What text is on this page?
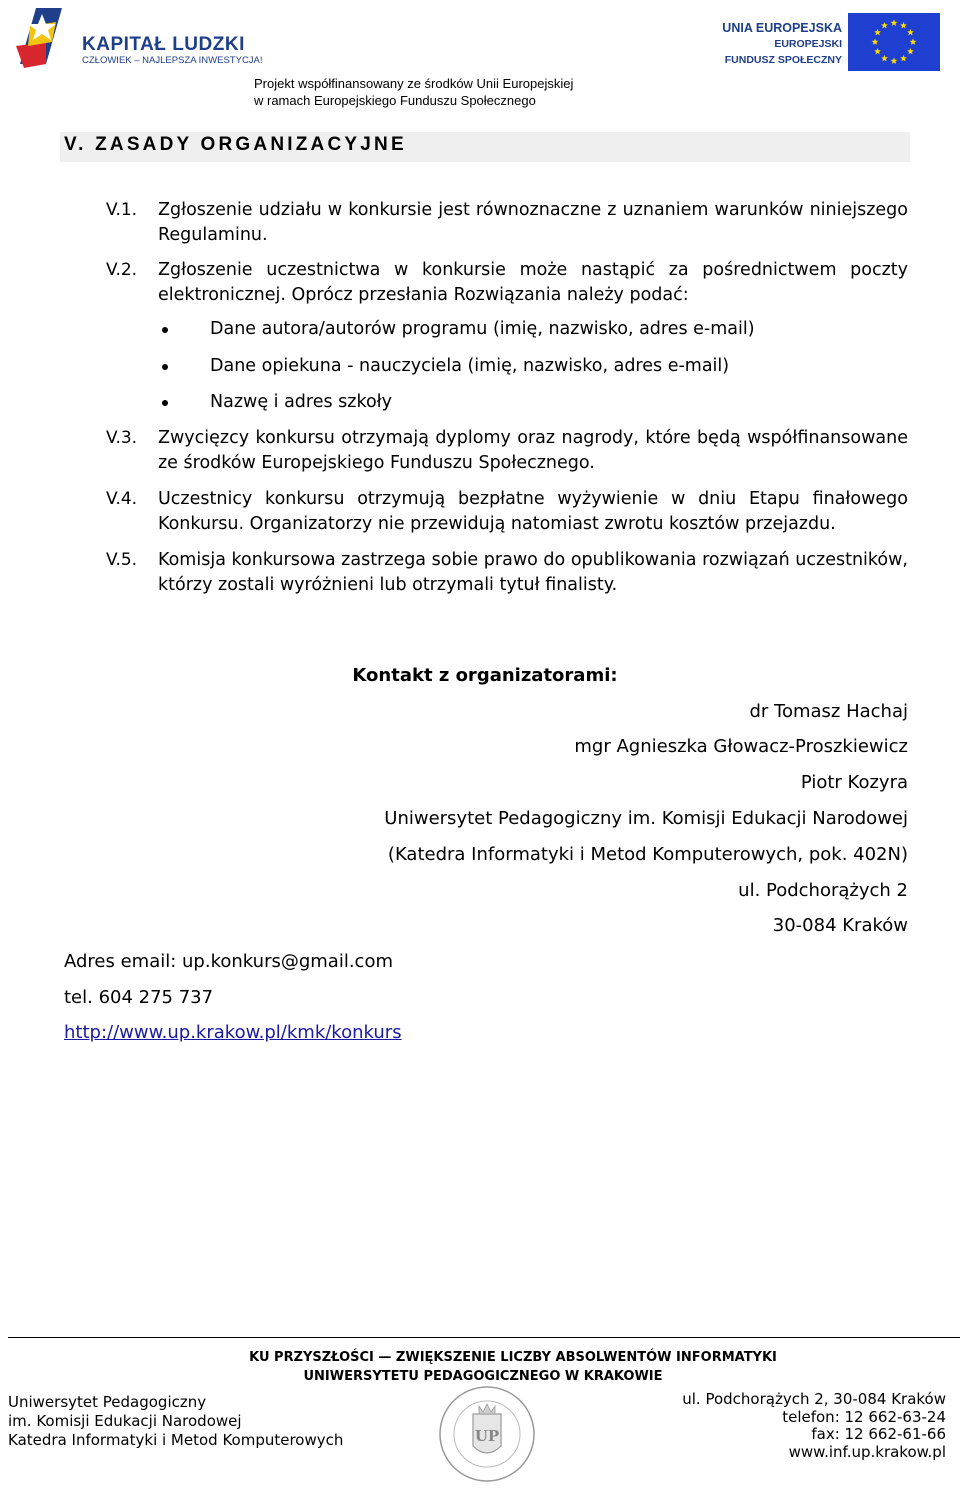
KAPITAŁ LUDZKI
CZŁOWIEK – NAJLEPSZA INWESTYCJA!
UNIA EUROPEJSKA
EUROPEJSKI
FUNDUSZ SPOŁECZNY
Projekt współfinansowany ze środków Unii Europejskiej
w ramach Europejskiego Funduszu Społecznego
V. ZASADY ORGANIZACYJNE
V.1. Zgłoszenie udziału w konkursie jest równoznaczne z uznaniem warunków niniejszego Regulaminu.
V.2. Zgłoszenie uczestnictwa w konkursie może nastąpić za pośrednictwem poczty elektronicznej. Oprócz przesłania Rozwiązania należy podać:
Dane autora/autorów programu (imię, nazwisko, adres e-mail)
Dane opiekuna - nauczyciela (imię, nazwisko, adres e-mail)
Nazwę i adres szkoły
V.3. Zwycięzcy konkursu otrzymają dyplomy oraz nagrody, które będą współfinansowane ze środków Europejskiego Funduszu Społecznego.
V.4. Uczestnicy konkursu otrzymują bezpłatne wyżywienie w dniu Etapu finałowego Konkursu. Organizatorzy nie przewidują natomiast zwrotu kosztów przejazdu.
V.5. Komisja konkursowa zastrzega sobie prawo do opublikowania rozwiązań uczestników, którzy zostali wyróżnieni lub otrzymali tytuł finalisty.
Kontakt z organizatorami:
dr Tomasz Hachaj
mgr Agnieszka Głowacz-Proszkiewicz
Piotr Kozyra
Uniwersytet Pedagogiczny im. Komisji Edukacji Narodowej
(Katedra Informatyki i Metod Komputerowych, pok. 402N)
ul. Podchorążych 2
30-084 Kraków
Adres email: up.konkurs@gmail.com
tel. 604 275 737
http://www.up.krakow.pl/kmk/konkurs
KU PRZYSZŁOŚCI — ZWIĘKSZENIE LICZBY ABSOLWENTÓW INFORMATYKI
UNIWERSYTETU PEDAGOGICZNEGO W KRAKOWIE
Uniwersytet Pedagogiczny
im. Komisji Edukacji Narodowej
Katedra Informatyki i Metod Komputerowych	UP
ul. Podchorążych 2, 30-084 Kraków
telefon: 12 662-63-24
fax: 12 662-61-66
www.inf.up.krakow.pl
